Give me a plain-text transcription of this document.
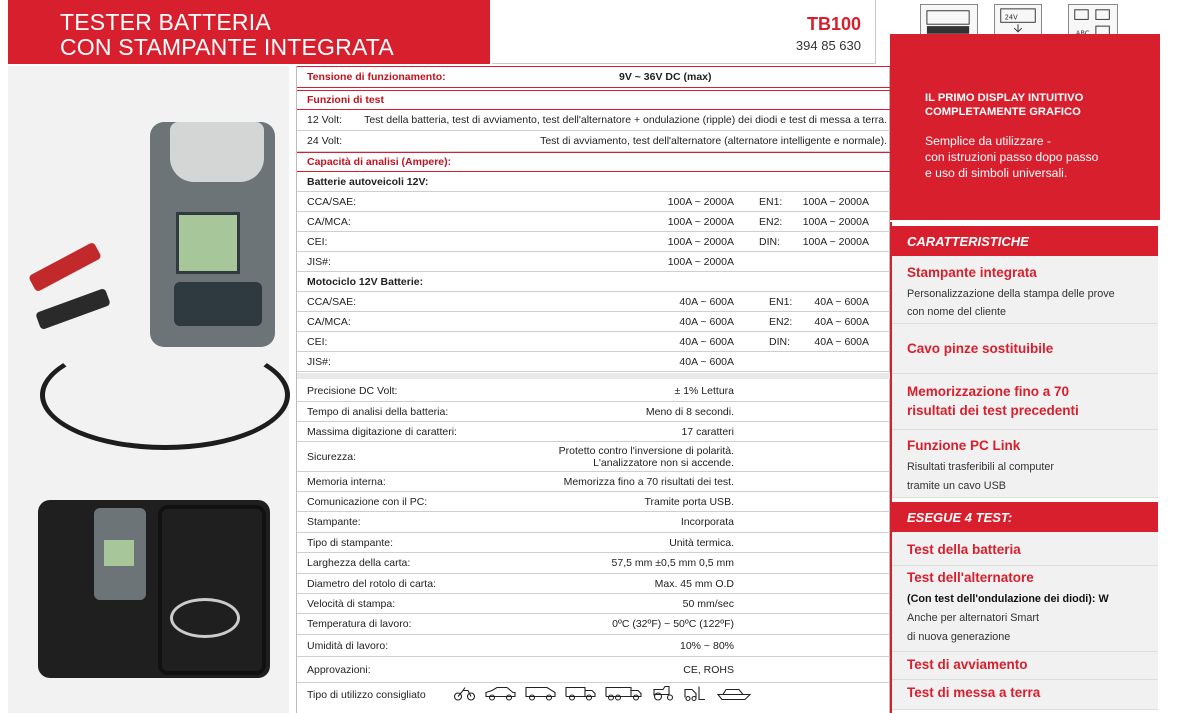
TESTER BATTERIA
CON STAMPANTE INTEGRATA
TB100
394 85 630
Tensione di funzionamento:	9V ~ 36V DC (max)
Funzioni di test
12 Volt: Test della batteria, test di avviamento, test dell'alternatore + ondulazione (ripple) dei diodi e test di messa a terra.
24 Volt:	Test di avviamento, test dell'alternatore (alternatore intelligente e normale).
Capacità di analisi (Ampere):
Batterie autoveicoli 12V:
CCA/SAE:	100A ~ 2000A EN1: 100A ~ 2000A
CA/MCA:	100A ~ 2000A EN2: 100A ~ 2000A
CEI:	100A ~ 2000A DIN: 100A ~ 2000A
JIS#:	100A ~ 2000A
Motociclo 12V Batterie:
CCA/SAE:	40A ~ 600A	EN1: 40A ~ 600A
CA/MCA:	40A ~ 600A	EN2: 40A ~ 600A
CEI:	40A ~ 600A	DIN: 40A ~ 600A
JIS#:	40A ~ 600A
Precisione DC Volt:	± 1% Lettura
Tempo di analisi della batteria:	Meno di 8 secondi.
Massima digitazione di caratteri:	17 caratteri
Sicurezza:	Protetto contro l'inversione di polarità.
L'analizzatore non si accende.
Memoria interna:	Memorizza fino a 70 risultati dei test.
Comunicazione con il PC:	Tramite porta USB.
Stampante:	Incorporata
Tipo di stampante:	Unità termica.
Larghezza della carta:	57,5 mm ±0,5 mm 0,5 mm
Diametro del rotolo di carta:	Max. 45 mm O.D
Velocità di stampa:	50 mm/sec
Temperatura di lavoro:	0ºC (32ºF) ~ 50ºC (122ºF)
Umidità di lavoro:	10% ~ 80%
Approvazioni:	CE, ROHS
Tipo di utilizzo consigliato
24V
IL PRIMO DISPLAY INTUITIVO COMPLETAMENTE GRAFICO
Semplice da utilizzare -
con istruzioni passo dopo passo
e uso di simboli universali.
CARATTERISTICHE
Stampante integrata
Personalizzazione della stampa delle prove
con nome del cliente
Cavo pinze sostituibile
Memorizzazione fino a 70
risultati dei test precedenti
Funzione PC Link
Risultati trasferibili al computer
tramite un cavo USB
ESEGUE 4 TEST:
Test della batteria
Test dell'alternatore
(Con test dell'ondulazione dei diodi): W
Anche per alternatori Smart
di nuova generazione
Test di avviamento
Test di messa a terra
